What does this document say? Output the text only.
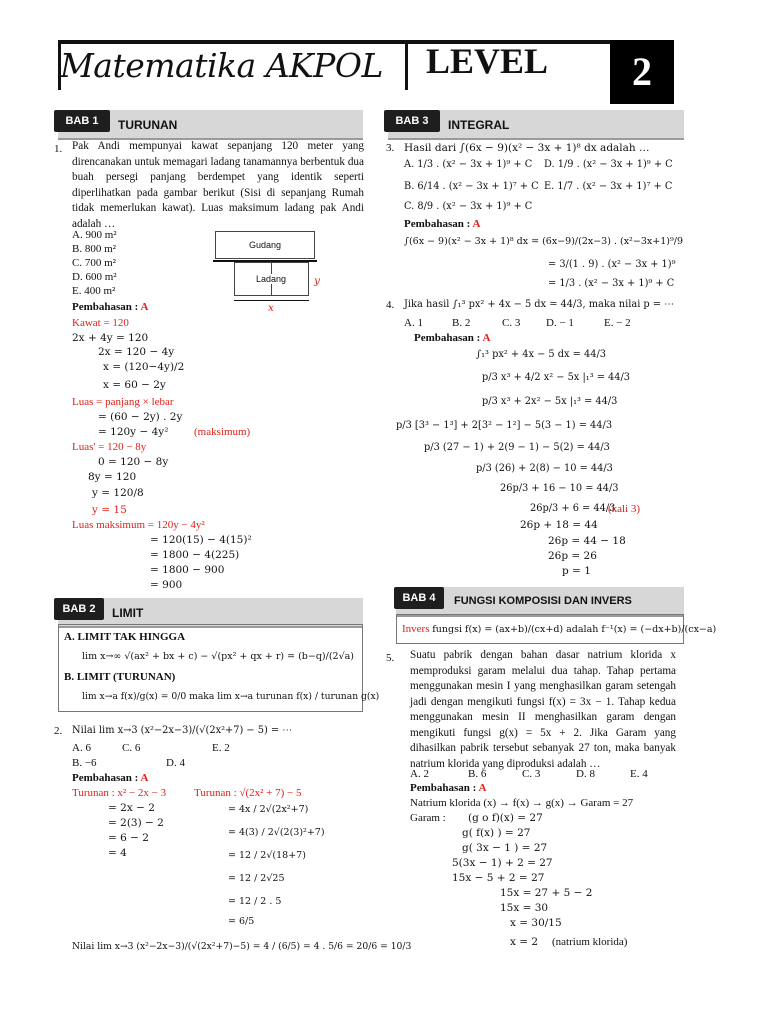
Matematika AKPOL LEVEL	2
BAB 1	TURUNAN
1. Pak Andi mempunyai kawat sepanjang 120 meter yang direncanakan untuk memagari ladang tanamannya berbentuk dua buah persegi panjang berdempet yang identik seperti diperlihatkan pada gambar berikut (Sisi di sepanjang Rumah tidak memerlukan kawat). Luas maksimum ladang pak Andi adalah …
A. 900 m²
B. 800 m²
C. 700 m²
D. 600 m²
E. 400 m²
Gudang
Ladang	y
x
Pembahasan : A
Kawat = 120
2x + 4y = 120
2x = 120 − 4y
x = (120−4y)/2
x = 60 − 2y
Luas = panjang × lebar
= (60 − 2y) . 2y
= 120y − 4y² (maksimum)
Luas' = 120 − 8y
0 = 120 − 8y
8y = 120
y = 120/8
y = 15
Luas maksimum = 120y − 4y²
= 120(15) − 4(15)²
= 1800 − 4(225)
= 1800 − 900
= 900
BAB 2	LIMIT
A. LIMIT TAK HINGGA
lim x→∞ √(ax² + bx + c) − √(px² + qx + r) = (b−q)/(2√a)
B. LIMIT (TURUNAN)
lim x→a f(x)/g(x) = 0/0 maka lim x→a turunan f(x) / turunan g(x)
2. Nilai lim x→3 (x²−2x−3)/(√(2x²+7) − 5) = ⋯
A. 6	C. 6	E. 2
B. −6	D. 4
Pembahasan : A
Turunan : x² − 2x − 3
= 2x − 2
= 2(3) − 2
= 6 − 2
= 4
Turunan : √(2x² + 7) − 5
= 4x / 2√(2x²+7)
= 4(3) / 2√(2(3)²+7)
= 12 / 2√(18+7)
= 12 / 2√25
= 12 / 2 . 5
= 6/5
Nilai lim x→3 (x²−2x−3)/(√(2x²+7)−5) = 4 / (6/5) = 4 . 5/6 = 20/6 = 10/3
BAB 3	INTEGRAL
3. Hasil dari ∫(6x − 9)(x² − 3x + 1)⁸ dx adalah …
A. 1/3 . (x² − 3x + 1)⁹ + C D. 1/9 . (x² − 3x + 1)⁹ + C
B. 6/14 . (x² − 3x + 1)⁷ + C E. 1/7 . (x² − 3x + 1)⁷ + C
C. 8/9 . (x² − 3x + 1)⁹ + C
Pembahasan : A
∫(6x − 9)(x² − 3x + 1)⁸ dx = (6x−9)/(2x−3) . (x²−3x+1)⁹/9
= 3/(1 . 9) . (x² − 3x + 1)⁹
= 1/3 . (x² − 3x + 1)⁹ + C
4. Jika hasil ∫₁³ px² + 4x − 5 dx = 44/3, maka nilai p = ⋯
A. 1	B. 2	C. 3 D. − 1	E. − 2
Pembahasan : A
∫₁³ px² + 4x − 5 dx = 44/3
p/3 x³ + 4/2 x² − 5x |₁³ = 44/3
p/3 x³ + 2x² − 5x |₁³ = 44/3
p/3 [3³ − 1³] + 2[3² − 1²] − 5(3 − 1) = 44/3
p/3 (27 − 1) + 2(9 − 1) − 5(2) = 44/3
p/3 (26) + 2(8) − 10 = 44/3
26p/3 + 16 − 10 = 44/3
26p/3 + 6 = 44/3
(kali 3)
26p + 18 = 44
26p = 44 − 18
26p = 26
p = 1
BAB 4	FUNGSI KOMPOSISI DAN INVERS
Invers fungsi f(x) = (ax+b)/(cx+d) adalah f⁻¹(x) = (−dx+b)/(cx−a)
5. Suatu pabrik dengan bahan dasar natrium klorida x memproduksi garam melalui dua tahap. Tahap pertama menggunakan mesin I yang menghasilkan garam setengah jadi dengan mengikuti fungsi f(x) = 3x − 1. Tahap kedua menggunakan mesin II menghasilkan garam dengan mengikuti fungsi g(x) = 5x + 2. Jika Garam yang dihasilkan pabrik tersebut sebanyak 27 ton, maka banyak natrium klorida yang diproduksi adalah …
A. 2	B. 6	C. 3	D. 8	E. 4
Pembahasan : A
Natrium klorida (x) → f(x) → g(x) → Garam = 27
Garam : (g o f)(x) = 27
g( f(x) ) = 27
g( 3x − 1 ) = 27
5(3x − 1) + 2 = 27
15x − 5 + 2 = 27
15x = 27 + 5 − 2
15x = 30
x = 30/15
x = 2 (natrium klorida)
